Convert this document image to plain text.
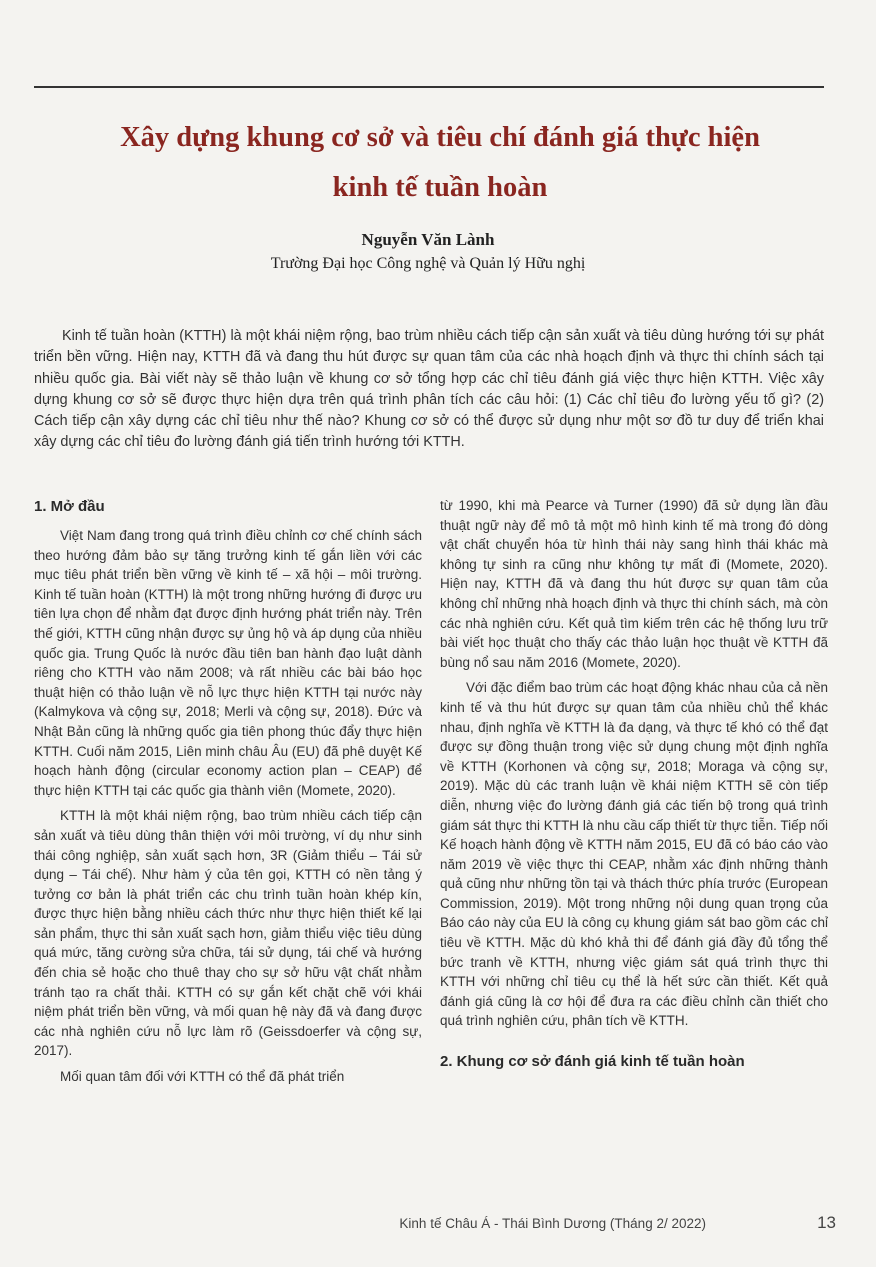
Xây dựng khung cơ sở và tiêu chí đánh giá thực hiện
kinh tế tuần hoàn
Nguyễn Văn Lành
Trường Đại học Công nghệ và Quản lý Hữu nghị

Kinh tế tuần hoàn (KTTH) là một khái niệm rộng, bao trùm nhiều cách tiếp cận sản xuất và tiêu dùng hướng tới sự phát triển bền vững. Hiện nay, KTTH đã và đang thu hút được sự quan tâm của các nhà hoạch định và thực thi chính sách tại nhiều quốc gia. Bài viết này sẽ thảo luận về khung cơ sở tổng hợp các chỉ tiêu đánh giá việc thực hiện KTTH. Việc xây dựng khung cơ sở sẽ được thực hiện dựa trên quá trình phân tích các câu hỏi: (1) Các chỉ tiêu đo lường yếu tố gì? (2) Cách tiếp cận xây dựng các chỉ tiêu như thế nào? Khung cơ sở có thể được sử dụng như một sơ đồ tư duy để triển khai xây dựng các chỉ tiêu đo lường đánh giá tiến trình hướng tới KTTH.

1. Mở đầu

Việt Nam đang trong quá trình điều chỉnh cơ chế chính sách theo hướng đảm bảo sự tăng trưởng kinh tế gắn liền với các mục tiêu phát triển bền vững về kinh tế – xã hội – môi trường. Kinh tế tuần hoàn (KTTH) là một trong những hướng đi được ưu tiên lựa chọn để nhằm đạt được định hướng phát triển này. Trên thế giới, KTTH cũng nhận được sự ủng hộ và áp dụng của nhiều quốc gia. Trung Quốc là nước đầu tiên ban hành đạo luật dành riêng cho KTTH vào năm 2008; và rất nhiều các bài báo học thuật hiện có thảo luận về nỗ lực thực hiện KTTH tại nước này (Kalmykova và cộng sự, 2018; Merli và cộng sự, 2018). Đức và Nhật Bản cũng là những quốc gia tiên phong thúc đẩy thực hiện KTTH. Cuối năm 2015, Liên minh châu Âu (EU) đã phê duyệt Kế hoạch hành động (circular economy action plan – CEAP) để thực hiện KTTH tại các quốc gia thành viên (Momete, 2020).

KTTH là một khái niệm rộng, bao trùm nhiều cách tiếp cận sản xuất và tiêu dùng thân thiện với môi trường, ví dụ như sinh thái công nghiệp, sản xuất sạch hơn, 3R (Giảm thiểu – Tái sử dụng – Tái chế). Như hàm ý của tên gọi, KTTH có nền tảng ý tưởng cơ bản là phát triển các chu trình tuần hoàn khép kín, được thực hiện bằng nhiều cách thức như thực hiện thiết kế lại sản phẩm, thực thi sản xuất sạch hơn, giảm thiểu việc tiêu dùng quá mức, tăng cường sửa chữa, tái sử dụng, tái chế và hướng đến chia sẻ hoặc cho thuê thay cho sự sở hữu vật chất nhằm tránh tạo ra chất thải. KTTH có sự gắn kết chặt chẽ với khái niệm phát triển bền vững, và mối quan hệ này đã và đang được các nhà nghiên cứu nỗ lực làm rõ (Geissdoerfer và cộng sự, 2017).

Mối quan tâm đối với KTTH có thể đã phát triển

từ 1990, khi mà Pearce và Turner (1990) đã sử dụng lần đầu thuật ngữ này để mô tả một mô hình kinh tế mà trong đó dòng vật chất chuyển hóa từ hình thái này sang hình thái khác mà không tự sinh ra cũng như không tự mất đi (Momete, 2020). Hiện nay, KTTH đã và đang thu hút được sự quan tâm của không chỉ những nhà hoạch định và thực thi chính sách, mà còn các nhà nghiên cứu. Kết quả tìm kiếm trên các hệ thống lưu trữ bài viết học thuật cho thấy các thảo luận học thuật về KTTH đã bùng nổ sau năm 2016 (Momete, 2020).

Với đặc điểm bao trùm các hoạt động khác nhau của cả nền kinh tế và thu hút được sự quan tâm của nhiều chủ thể khác nhau, định nghĩa về KTTH là đa dạng, và thực tế khó có thể đạt được sự đồng thuận trong việc sử dụng chung một định nghĩa về KTTH (Korhonen và cộng sự, 2018; Moraga và cộng sự, 2019). Mặc dù các tranh luận về khái niệm KTTH sẽ còn tiếp diễn, nhưng việc đo lường đánh giá các tiến bộ trong quá trình giám sát thực thi KTTH là nhu cầu cấp thiết từ thực tiễn. Tiếp nối Kế hoạch hành động về KTTH năm 2015, EU đã có báo cáo vào năm 2019 về việc thực thi CEAP, nhằm xác định những thành quả cũng như những tồn tại và thách thức phía trước (European Commission, 2019). Một trong những nội dung quan trọng của Báo cáo này của EU là công cụ khung giám sát bao gồm các chỉ tiêu về KTTH. Mặc dù khó khả thi để đánh giá đầy đủ tổng thể bức tranh về KTTH, nhưng việc giám sát quá trình thực thi KTTH với những chỉ tiêu cụ thể là hết sức cần thiết. Kết quả đánh giá cũng là cơ hội để đưa ra các điều chỉnh cần thiết cho quá trình nghiên cứu, phân tích về KTTH.

2. Khung cơ sở đánh giá kinh tế tuần hoàn
Kinh tế Châu Á - Thái Bình Dương (Tháng 2/ 2022)	13
